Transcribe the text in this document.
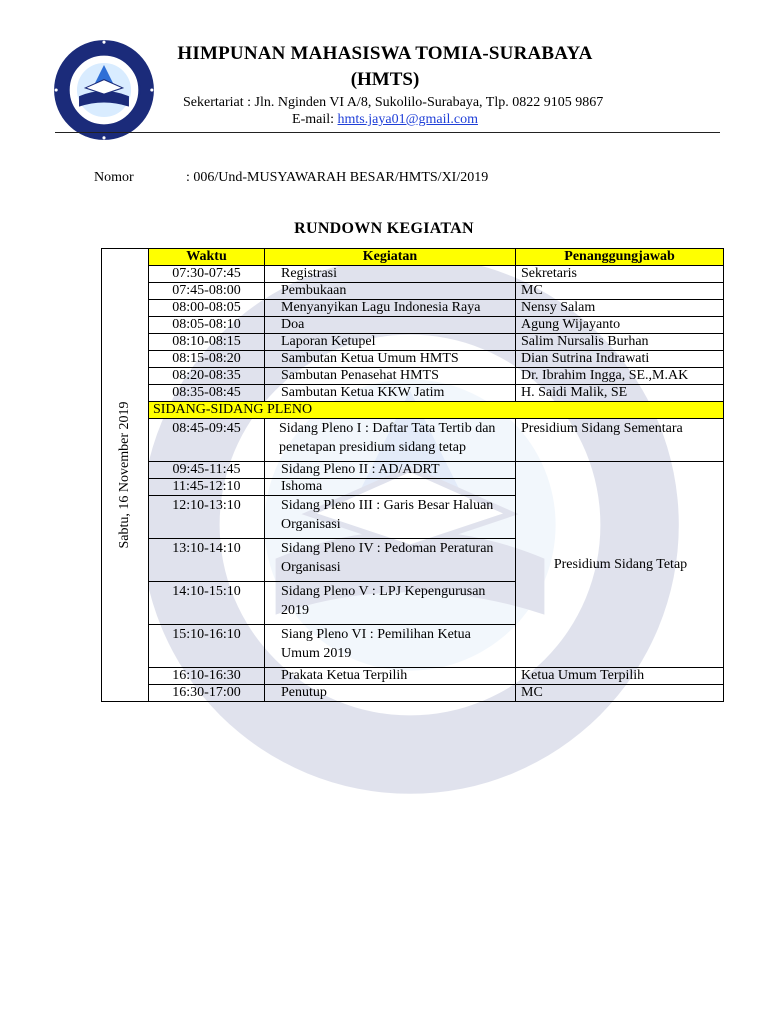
HIMPUNAN MAHASISWA TOMIA-SURABAYA
(HMTS)
Sekertariat : Jln. Nginden VI A/8, Sukolilo-Surabaya, Tlp. 0822 9105 9867
E-mail: hmts.jaya01@gmail.com
Nomor	: 006/Und-MUSYAWARAH BESAR/HMTS/XI/2019
RUNDOWN KEGIATAN
Sabtu, 16 November 2019	Waktu	Kegiatan	Penanggungjawab
	07:30-07:45	Registrasi	Sekretaris
	07:45-08:00	Pembukaan	MC
	08:00-08:05	Menyanyikan Lagu Indonesia Raya	Nensy Salam
	08:05-08:10	Doa	Agung Wijayanto
	08:10-08:15	Laporan Ketupel	Salim Nursalis Burhan
	08:15-08:20	Sambutan Ketua Umum HMTS	Dian Sutrina Indrawati
	08:20-08:35	Sambutan Penasehat HMTS	Dr. Ibrahim Ingga, SE.,M.AK
	08:35-08:45	Sambutan Ketua KKW Jatim	H. Saidi Malik, SE
	SIDANG-SIDANG PLENO		
	08:45-09:45	Sidang Pleno I : Daftar Tata Tertib dan penetapan presidium sidang tetap	Presidium Sidang Sementara
	09:45-11:45	Sidang Pleno II : AD/ADRT	Presidium Sidang Tetap
	11:45-12:10	Ishoma	
	12:10-13:10	Sidang Pleno III : Garis Besar Haluan Organisasi	
	13:10-14:10	Sidang Pleno IV : Pedoman Peraturan Organisasi	
	14:10-15:10	Sidang Pleno V : LPJ Kepengurusan 2019	
	15:10-16:10	Siang Pleno VI : Pemilihan Ketua Umum 2019	
	16:10-16:30	Prakata Ketua Terpilih	Ketua Umum Terpilih
	16:30-17:00	Penutup	MC
